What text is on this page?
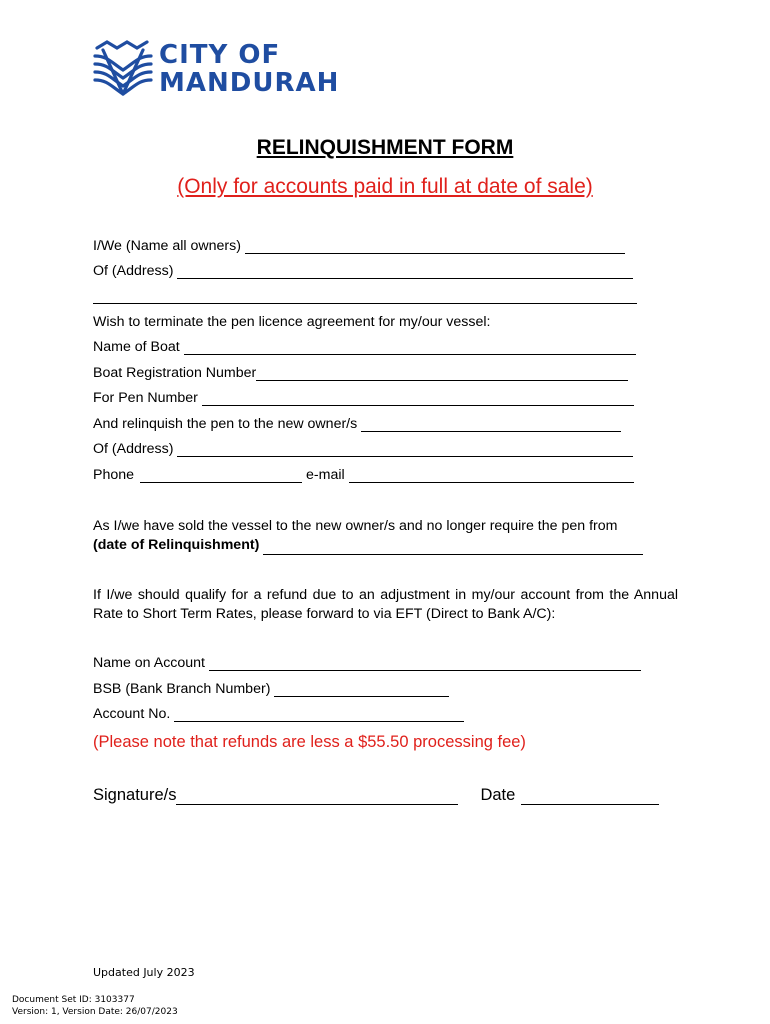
CITY OF
MANDURAH
RELINQUISHMENT FORM
(Only for accounts paid in full at date of sale)
I/We (Name all owners)
Of (Address)
Wish to terminate the pen licence agreement for my/our vessel:
Name of Boat
Boat Registration Number
For Pen Number
And relinquish the pen to the new owner/s
Of (Address)
Phone	e-mail
As I/we have sold the vessel to the new owner/s and no longer require the pen from
(date of Relinquishment)
If I/we should qualify for a refund due to an adjustment in my/our account from the Annual Rate to Short Term Rates, please forward to via EFT (Direct to Bank A/C):
Name on Account
BSB (Bank Branch Number)
Account No.
(Please note that refunds are less a $55.50 processing fee)
Signature/s	Date
Updated July 2023
Document Set ID: 3103377
Version: 1, Version Date: 26/07/2023
